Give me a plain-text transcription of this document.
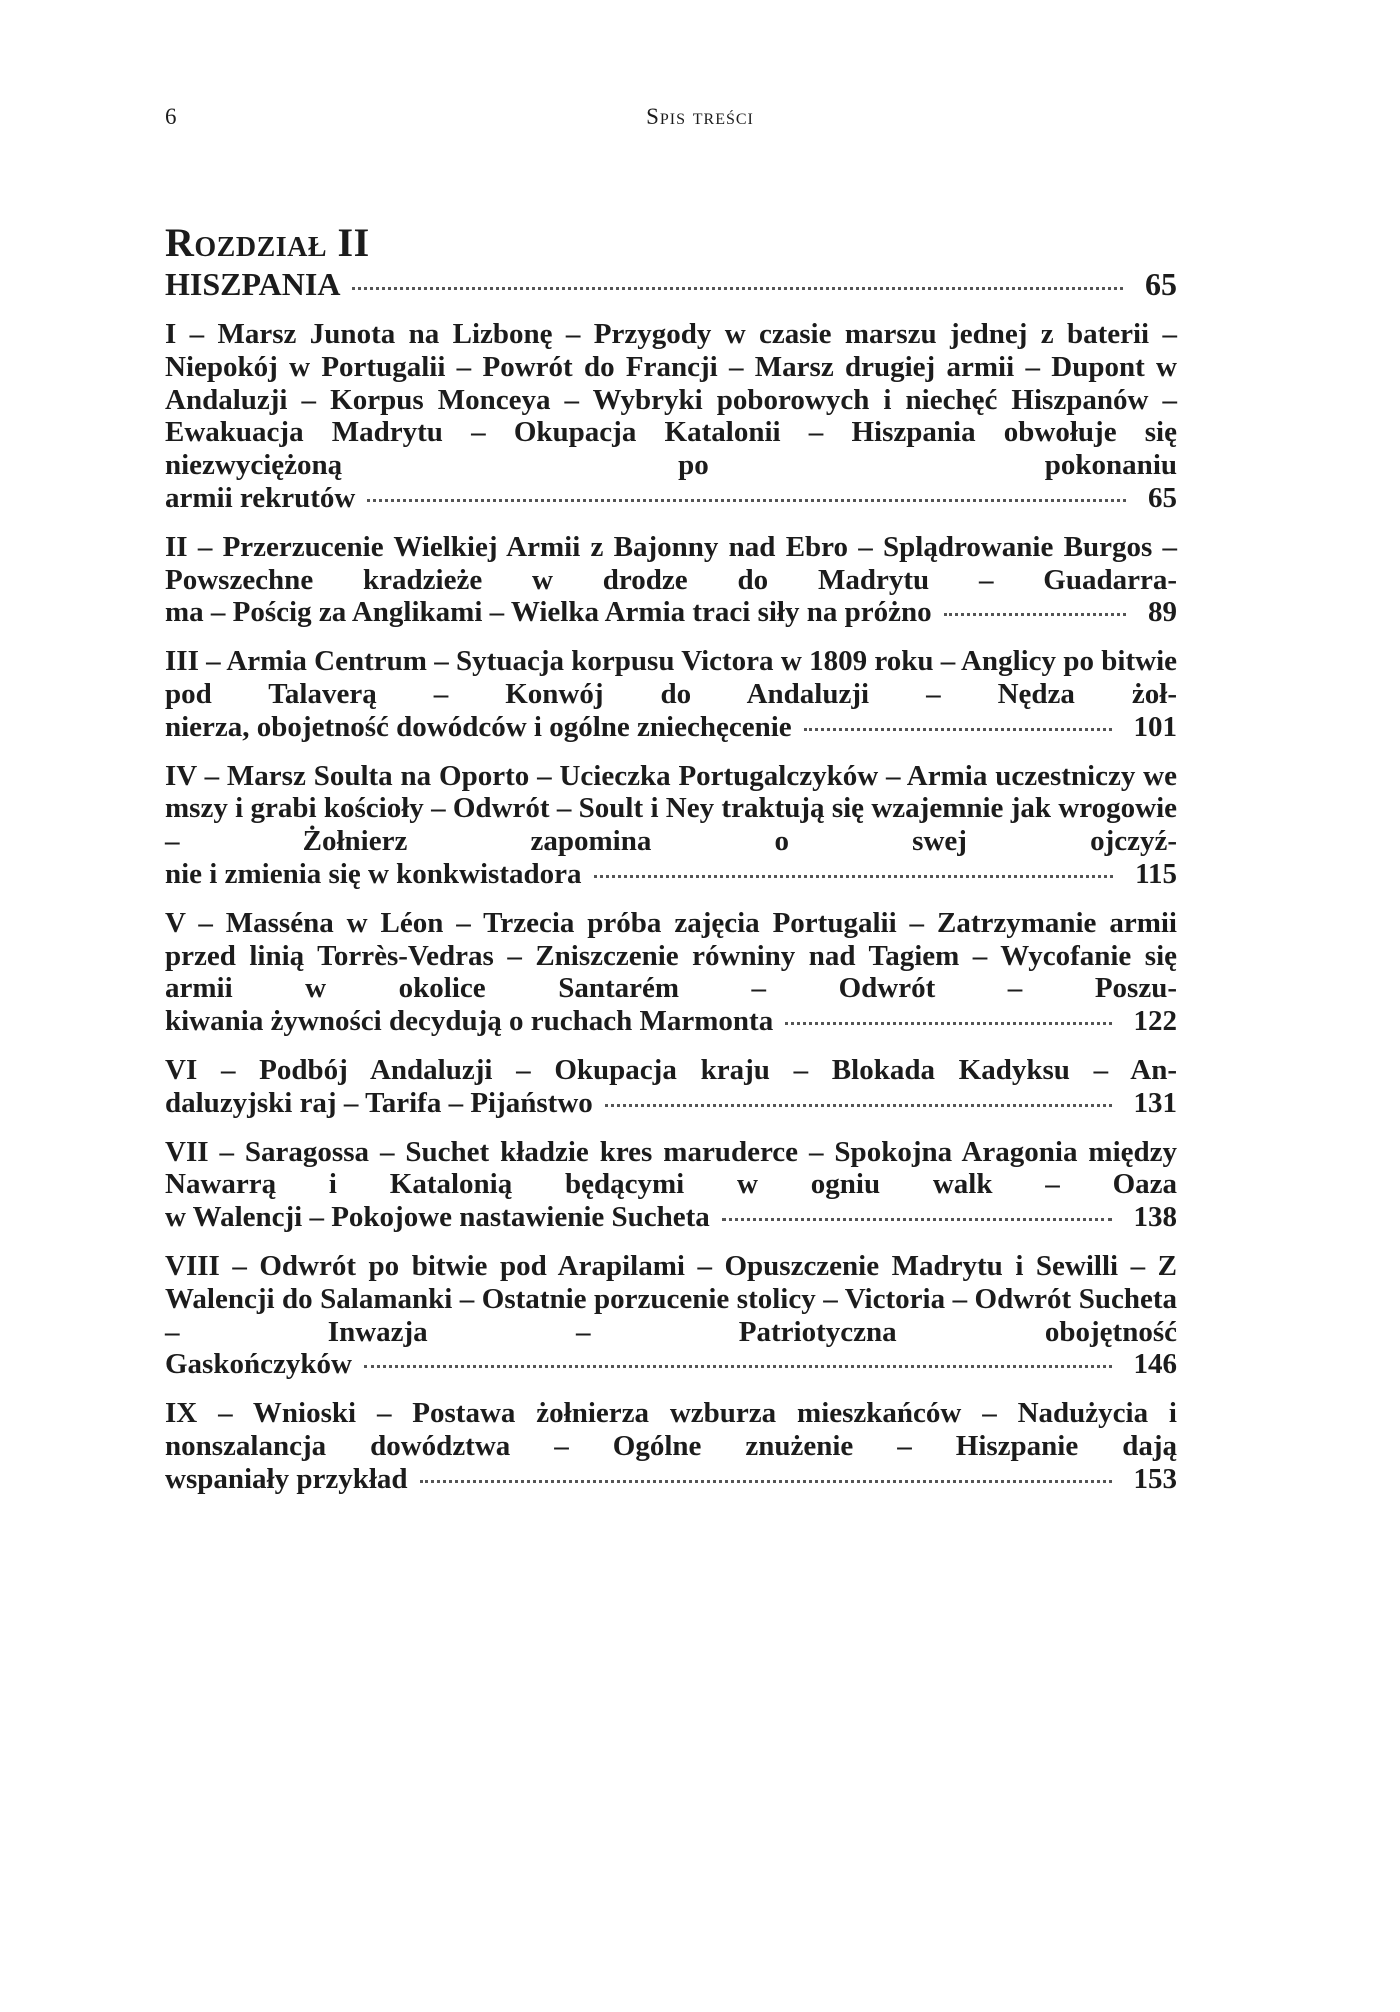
6	Spis treści
Rozdział II
HISZPANIA	65

I – Marsz Junota na Lizbonę – Przygody w czasie marszu jednej z baterii – Niepokój w Portugalii – Powrót do Francji – Marsz drugiej armii – Dupont w Andaluzji – Korpus Monceya – Wybryki poborowych i niechęć Hiszpanów – Ewakuacja Madrytu – Okupacja Katalonii – Hiszpania obwołuje się niezwyciężoną po pokonaniu

armii rekrutów	65

II – Przerzucenie Wielkiej Armii z Bajonny nad Ebro – Splądrowanie Burgos – Powszechne kradzieże w drodze do Madrytu – Guadarra-

ma – Pościg za Anglikami – Wielka Armia traci siły na próżno	89

III – Armia Centrum – Sytuacja korpusu Victora w 1809 roku – Anglicy po bitwie pod Talaverą – Konwój do Andaluzji – Nędza żoł-

nierza, obojetność dowódców i ogólne zniechęcenie	101

IV – Marsz Soulta na Oporto – Ucieczka Portugalczyków – Armia uczestniczy we mszy i grabi kościoły – Odwrót – Soult i Ney traktują się wzajemnie jak wrogowie – Żołnierz zapomina o swej ojczyź-

nie i zmienia się w konkwistadora	115

V – Masséna w Léon – Trzecia próba zajęcia Portugalii – Zatrzymanie armii przed linią Torrès-Vedras – Zniszczenie równiny nad Tagiem – Wycofanie się armii w okolice Santarém – Odwrót – Poszu-

kiwania żywności decydują o ruchach Marmonta	122

VI – Podbój Andaluzji – Okupacja kraju – Blokada Kadyksu – An-

daluzyjski raj – Tarifa – Pijaństwo	131

VII – Saragossa – Suchet kładzie kres maruderce – Spokojna Aragonia między Nawarrą i Katalonią będącymi w ogniu walk – Oaza

w Walencji – Pokojowe nastawienie Sucheta	138

VIII – Odwrót po bitwie pod Arapilami – Opuszczenie Madrytu i Sewilli – Z Walencji do Salamanki – Ostatnie porzucenie stolicy – Victoria – Odwrót Sucheta – Inwazja – Patriotyczna obojętność

Gaskończyków	146

IX – Wnioski – Postawa żołnierza wzburza mieszkańców – Nadużycia i nonszalancja dowództwa – Ogólne znużenie – Hiszpanie dają

wspaniały przykład	153
